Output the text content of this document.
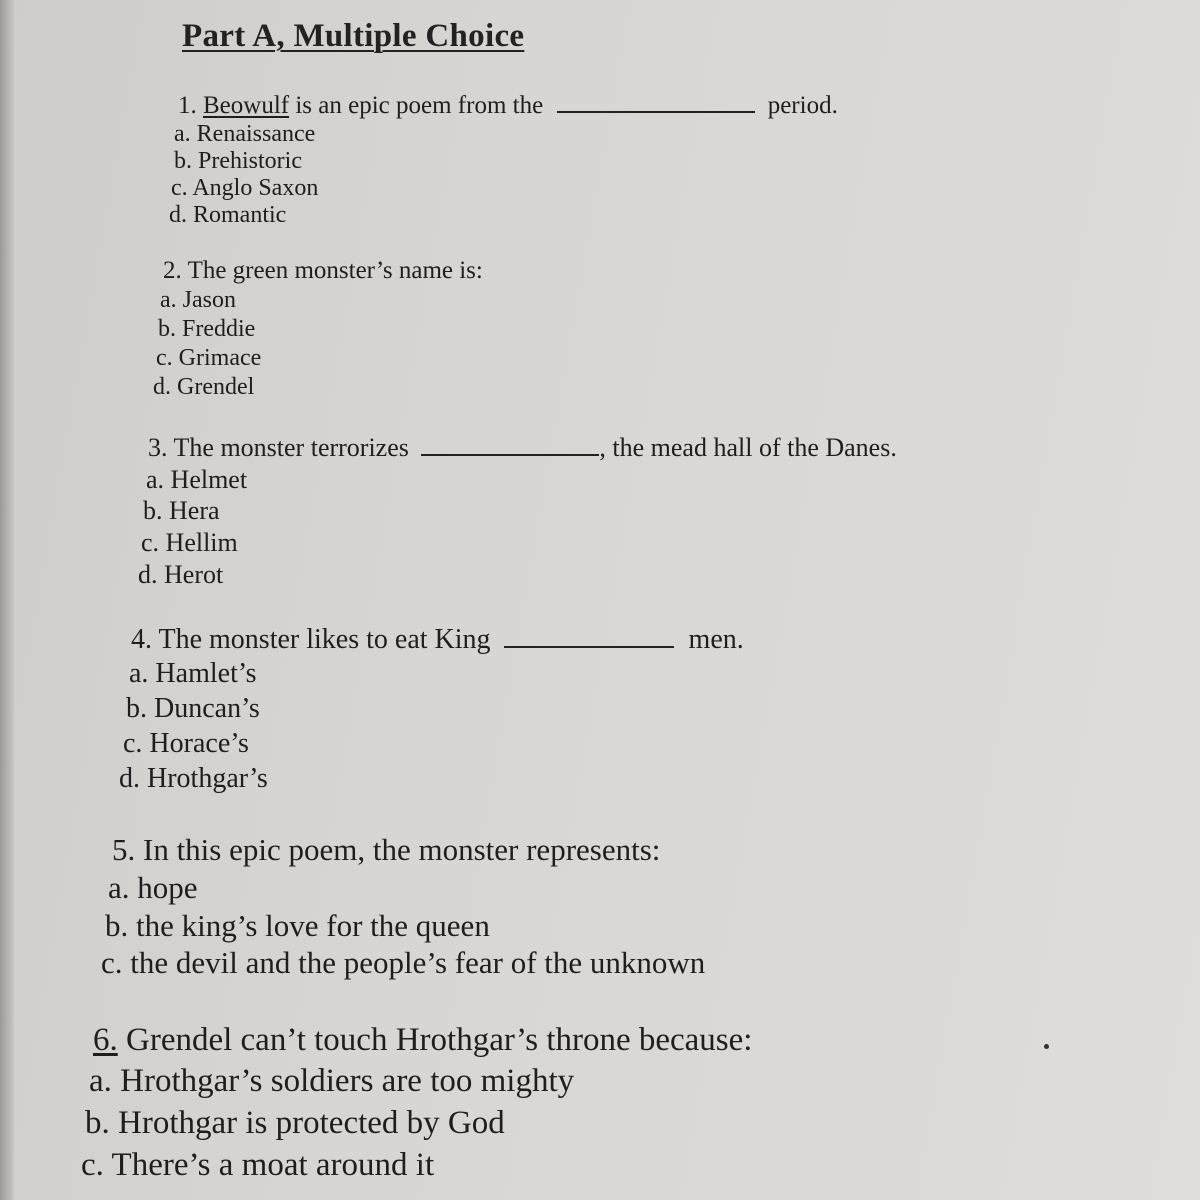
Part A, Multiple Choice
1. Beowulf is an epic poem from the	period.
a. Renaissance
b. Prehistoric
c. Anglo Saxon
d. Romantic
2. The green monster’s name is:
a. Jason
b. Freddie
c. Grimace
d. Grendel
3. The monster terrorizes	, the mead hall of the Danes.
a. Helmet
b. Hera
c. Hellim
d. Herot
4. The monster likes to eat King	men.
a. Hamlet’s
b. Duncan’s
c. Horace’s
d. Hrothgar’s
5. In this epic poem, the monster represents:
a. hope
b. the king’s love for the queen
c. the devil and the people’s fear of the unknown
6. Grendel can’t touch Hrothgar’s throne because:
a. Hrothgar’s soldiers are too mighty
b. Hrothgar is protected by God
c. There’s a moat around it
